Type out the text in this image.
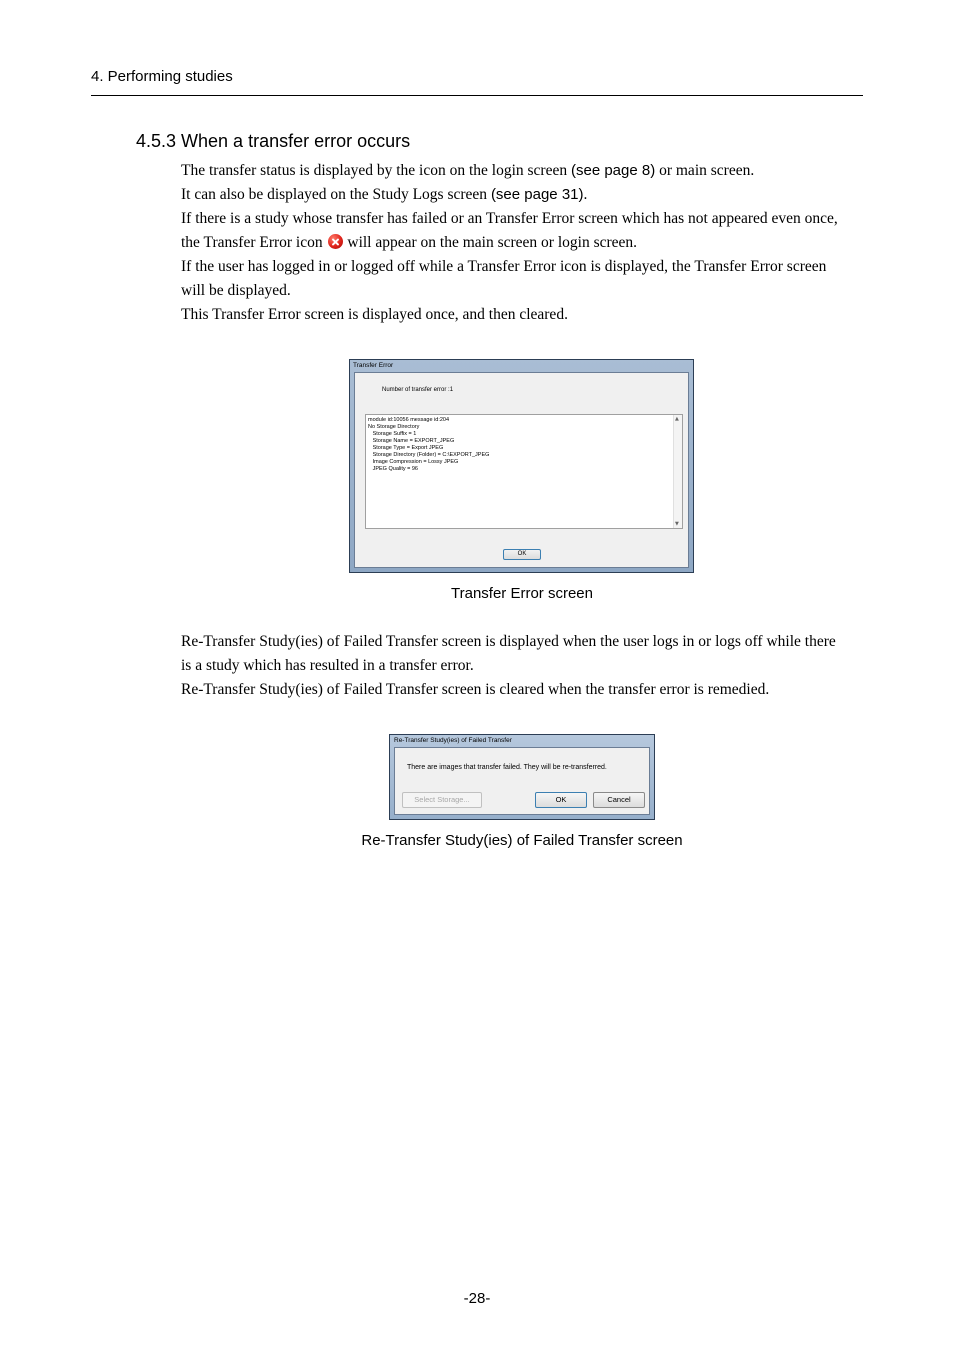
4. Performing studies
4.5.3 When a transfer error occurs

The transfer status is displayed by the icon on the login screen (see page 8) or main screen.

It can also be displayed on the Study Logs screen (see page 31).

If there is a study whose transfer has failed or an Transfer Error screen which has not appeared even once,

the Transfer Error icon  will appear on the main screen or login screen.

If the user has logged in or logged off while a Transfer Error icon is displayed, the Transfer Error screen

will be displayed.

This Transfer Error screen is displayed once, and then cleared.

Transfer Error
Number of transfer error :1
module id:10056 message id:204
No Storage Directory
Storage Suffix = 1
Storage Name = EXPORT_JPEG
Storage Type = Export JPEG
Storage Directory (Folder) = C:\EXPORT_JPEG
Image Compression = Lossy JPEG
JPEG Quality = 96
▲
▼
OK
Transfer Error screen

Re-Transfer Study(ies) of Failed Transfer screen is displayed when the user logs in or logs off while there

is a study which has resulted in a transfer error.

Re-Transfer Study(ies) of Failed Transfer screen is cleared when the transfer error is remedied.

Re-Transfer Study(ies) of Failed Transfer
There are images that transfer failed. They will be re-transferred.
Select Storage...	OK	Cancel
Re-Transfer Study(ies) of Failed Transfer screen
-28-
